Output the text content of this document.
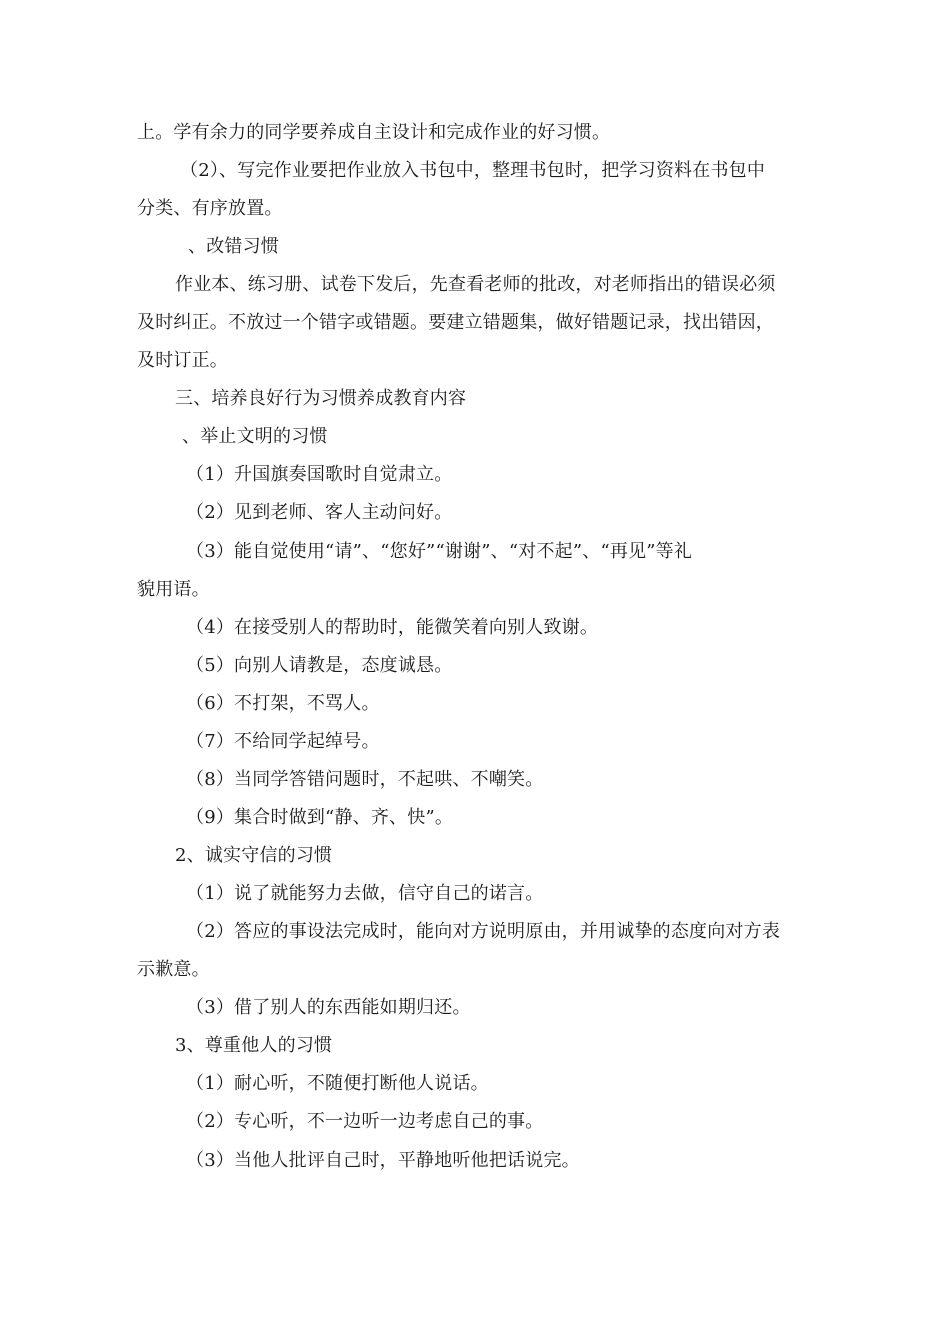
上。学有余力的同学要养成自主设计和完成作业的好习惯。
（2）、写完作业要把作业放入书包中，整理书包时，把学习资料在书包中
分类、有序放置。
、改错习惯
作业本、练习册、试卷下发后，先查看老师的批改，对老师指出的错误必须
及时纠正。不放过一个错字或错题。要建立错题集，做好错题记录，找出错因，
及时订正。
三、培养良好行为习惯养成教育内容
、举止文明的习惯
（1）升国旗奏国歌时自觉肃立。
（2）见到老师、客人主动问好。
（3）能自觉使用“请”、“您好”“谢谢”、“对不起”、“再见”等礼
貌用语。
（4）在接受别人的帮助时，能微笑着向别人致谢。
（5）向别人请教是，态度诚恳。
（6）不打架，不骂人。
（7）不给同学起绰号。
（8）当同学答错问题时，不起哄、不嘲笑。
（9）集合时做到“静、齐、快”。
2、诚实守信的习惯
（1）说了就能努力去做，信守自己的诺言。
（2）答应的事设法完成时，能向对方说明原由，并用诚挚的态度向对方表
示歉意。
（3）借了别人的东西能如期归还。
3、尊重他人的习惯
（1）耐心听，不随便打断他人说话。
（2）专心听，不一边听一边考虑自己的事。
（3）当他人批评自己时，平静地听他把话说完。
